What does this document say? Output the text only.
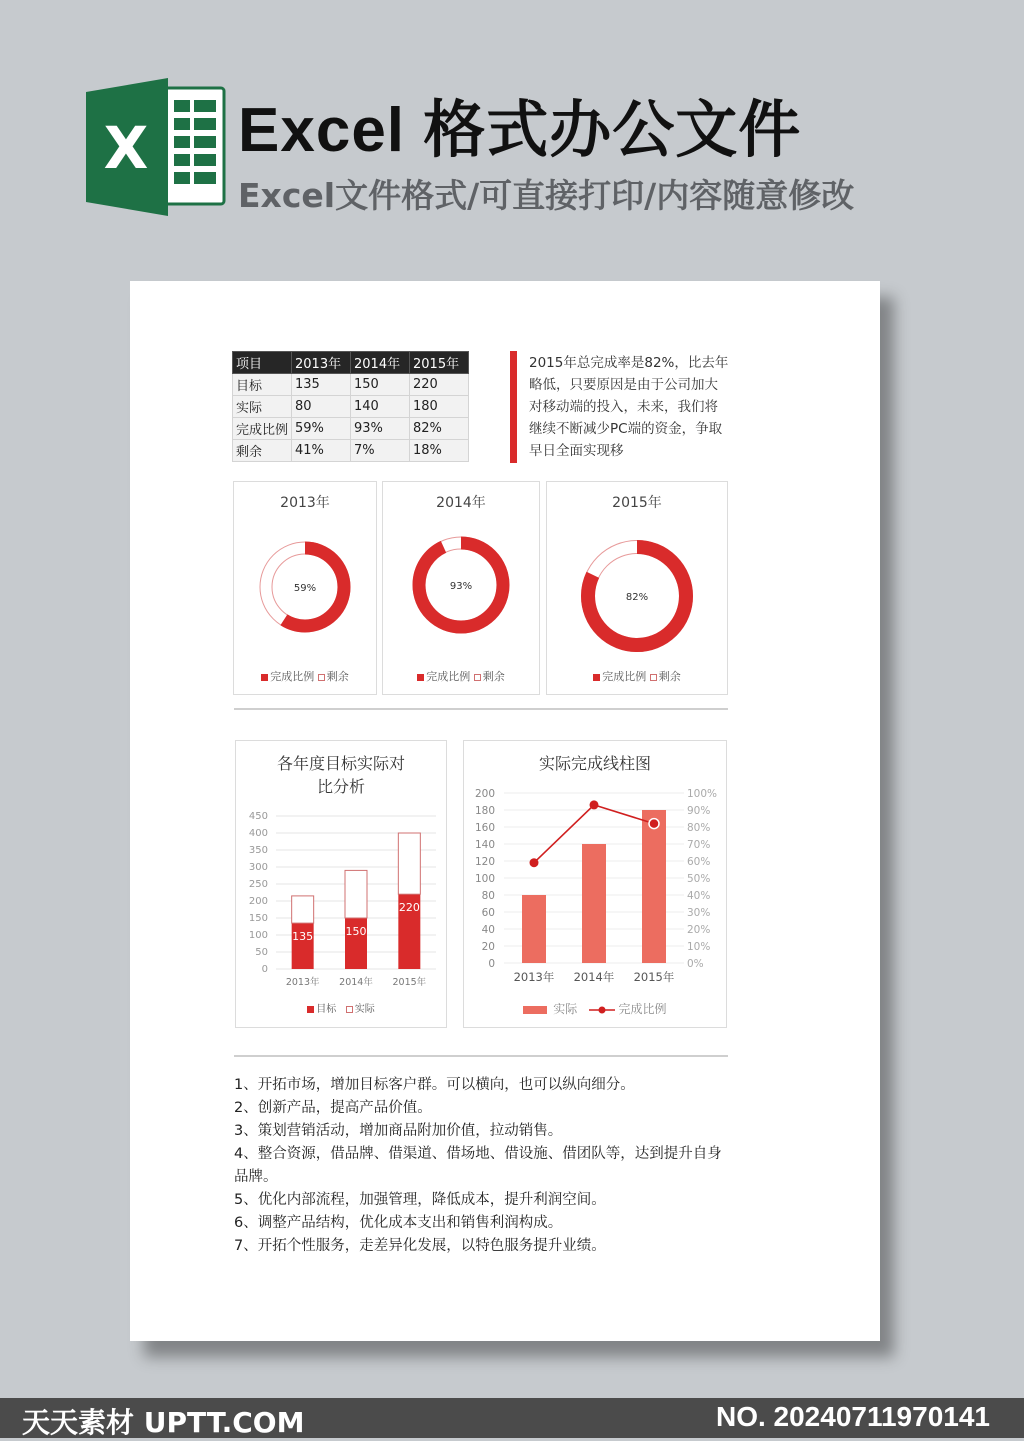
X Excel 格式办公文件
Excel文件格式/可直接打印/内容随意修改
项目	2013年	2014年	2015年
目标	135	150	220
实际	80	140	180
完成比例	59%	93%	82%
剩余	41%	7%	18%
2015年总完成率是82%，比去年略低，只要原因是由于公司加大对移动端的投入，未来，我们将继续不断减少PC端的资金，争取早日全面实现移
2013年
59%
完成比例 剩余
2014年
93%
完成比例 剩余
2015年
82%
完成比例 剩余
各年度目标实际对
比分析
0
50
100
150
200
250
300
350
400
450
135
2013年
150
2014年
220
2015年
目标 实际
实际完成线柱图
0	0%
20	10%
40	20%
60	30%
80	40%
100	50%
120	60%
140	70%
160	80%
180	90%
200	100%
2013年 2014年 2015年
实际	完成比例
1、开拓市场，增加目标客户群。可以横向，也可以纵向细分。
2、创新产品，提高产品价值。
3、策划营销活动，增加商品附加价值，拉动销售。
4、整合资源，借品牌、借渠道、借场地、借设施、借团队等，达到提升自身品牌。
5、优化内部流程，加强管理，降低成本，提升利润空间。
6、调整产品结构，优化成本支出和销售利润构成。
7、开拓个性服务，走差异化发展，以特色服务提升业绩。
天天素材 UPTT.COM	NO. 20240711970141
